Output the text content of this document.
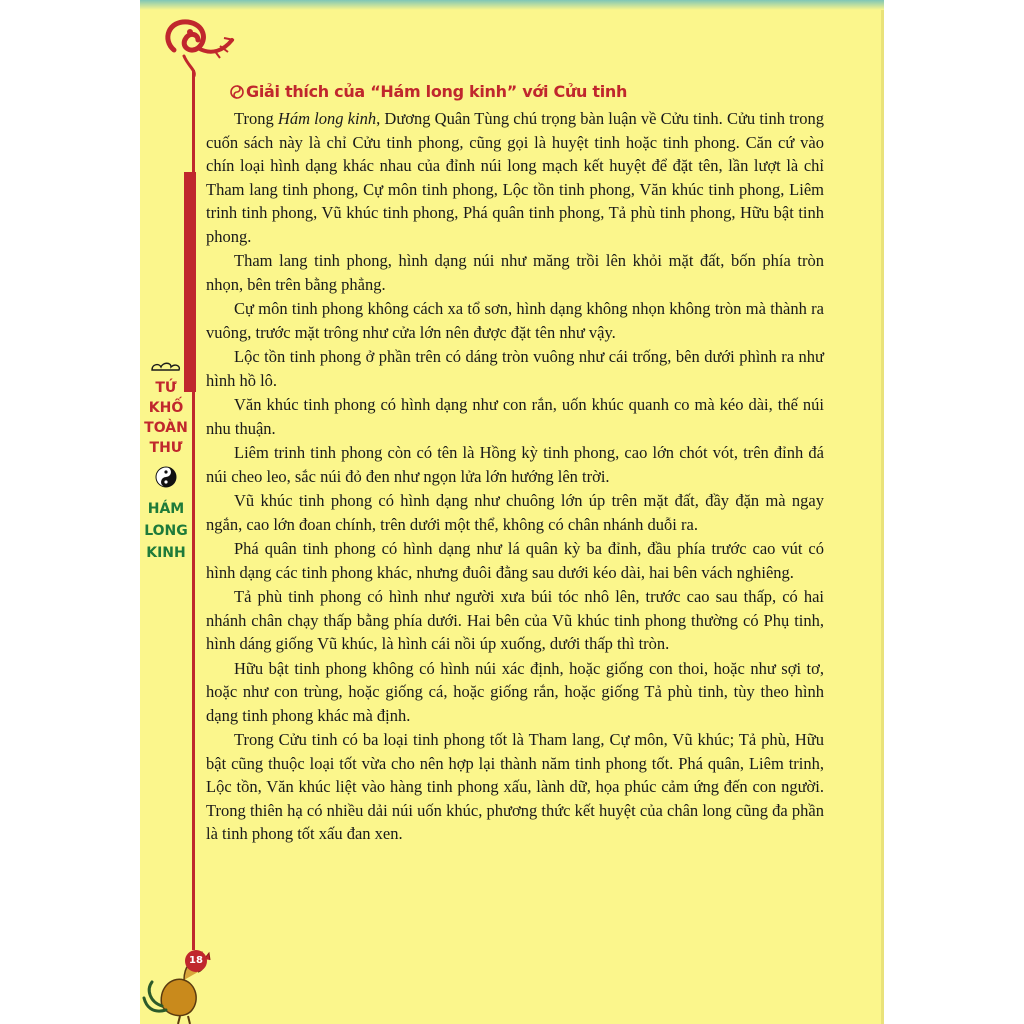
TỨ
KHỐ
TOÀN
THƯ
HÁM
LONG
KINH
Giải thích của “Hám long kinh” với Cửu tinh

Trong Hám long kinh, Dương Quân Tùng chú trọng bàn luận về Cửu tinh. Cửu tinh trong cuốn sách này là chỉ Cửu tinh phong, cũng gọi là huyệt tinh hoặc tinh phong. Căn cứ vào chín loại hình dạng khác nhau của đỉnh núi long mạch kết huyệt để đặt tên, lần lượt là chỉ Tham lang tinh phong, Cự môn tinh phong, Lộc tồn tinh phong, Văn khúc tinh phong, Liêm trinh tinh phong, Vũ khúc tinh phong, Phá quân tinh phong, Tả phù tinh phong, Hữu bật tinh phong.

Tham lang tinh phong, hình dạng núi như măng trồi lên khỏi mặt đất, bốn phía tròn nhọn, bên trên bằng phẳng.

Cự môn tinh phong không cách xa tổ sơn, hình dạng không nhọn không tròn mà thành ra vuông, trước mặt trông như cửa lớn nên được đặt tên như vậy.

Lộc tồn tinh phong ở phần trên có dáng tròn vuông như cái trống, bên dưới phình ra như hình hồ lô.

Văn khúc tinh phong có hình dạng như con rắn, uốn khúc quanh co mà kéo dài, thế núi nhu thuận.

Liêm trinh tinh phong còn có tên là Hồng kỳ tinh phong, cao lớn chót vót, trên đỉnh đá núi cheo leo, sắc núi đỏ đen như ngọn lửa lớn hướng lên trời.

Vũ khúc tinh phong có hình dạng như chuông lớn úp trên mặt đất, đầy đặn mà ngay ngắn, cao lớn đoan chính, trên dưới một thể, không có chân nhánh duỗi ra.

Phá quân tinh phong có hình dạng như lá quân kỳ ba đỉnh, đầu phía trước cao vút có hình dạng các tinh phong khác, nhưng đuôi đằng sau dưới kéo dài, hai bên vách nghiêng.

Tả phù tinh phong có hình như người xưa búi tóc nhô lên, trước cao sau thấp, có hai nhánh chân chạy thấp bằng phía dưới. Hai bên của Vũ khúc tinh phong thường có Phụ tinh, hình dáng giống Vũ khúc, là hình cái nồi úp xuống, dưới thấp thì tròn.

Hữu bật tinh phong không có hình núi xác định, hoặc giống con thoi, hoặc như sợi tơ, hoặc như con trùng, hoặc giống cá, hoặc giống rắn, hoặc giống Tả phù tinh, tùy theo hình dạng tinh phong khác mà định.

Trong Cửu tinh có ba loại tinh phong tốt là Tham lang, Cự môn, Vũ khúc; Tả phù, Hữu bật cũng thuộc loại tốt vừa cho nên hợp lại thành năm tinh phong tốt. Phá quân, Liêm trinh, Lộc tồn, Văn khúc liệt vào hàng tinh phong xấu, lành dữ, họa phúc cảm ứng đến con người. Trong thiên hạ có nhiều dải núi uốn khúc, phương thức kết huyệt của chân long cũng đa phần là tinh phong tốt xấu đan xen.

18
